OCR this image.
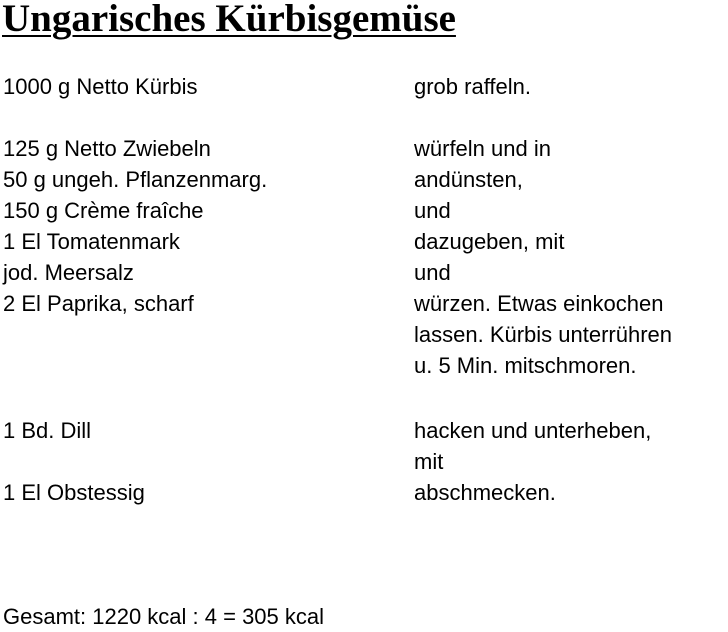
Ungarisches Kürbisgemüse
1000 g Netto Kürbis	grob raffeln.
125 g Netto Zwiebeln
50 g ungeh. Pflanzenmarg.
150 g Crème fraîche
1 El Tomatenmark
jod. Meersalz
2 El Paprika, scharf
würfeln und in
andünsten,
und
dazugeben, mit
und
würzen. Etwas einkochen
lassen. Kürbis unterrühren
u. 5 Min. mitschmoren.
1 Bd. Dill
1 El Obstessig
hacken und unterheben,
mit
abschmecken.
Gesamt: 1220 kcal : 4 = 305 kcal
